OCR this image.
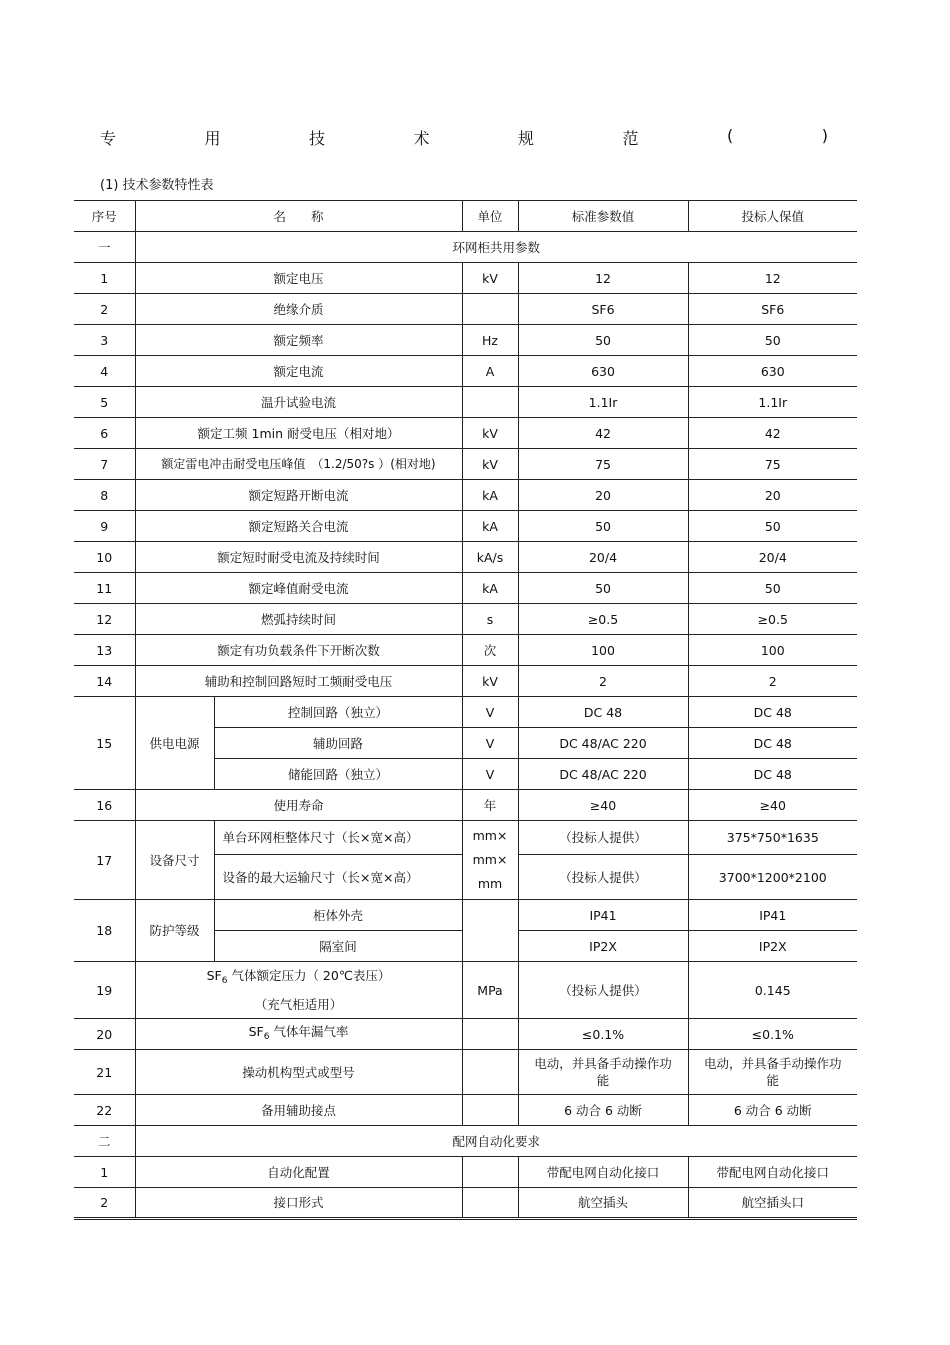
专	用	技	术	规	范	(	)
(1) 技术参数特性表
序号	名　　称		单位	标准参数值	投标人保值
一	环网柜共用参数				
1	额定电压		kV	12	12
2	绝缘介质			SF6	SF6
3	额定频率		Hz	50	50
4	额定电流		A	630	630
5	温升试验电流			1.1Ir	1.1Ir
6	额定工频 1min 耐受电压（相对地）		kV	42	42
7	额定雷电冲击耐受电压峰值　（1.2/50?s ）(相对地)		kV	75	75
8	额定短路开断电流		kA	20	20
9	额定短路关合电流		kA	50	50
10	额定短时耐受电流及持续时间		kA/s	20/4	20/4
11	额定峰值耐受电流		kA	50	50
12	燃弧持续时间		s	≥0.5	≥0.5
13	额定有功负载条件下开断次数		次	100	100
14	辅助和控制回路短时工频耐受电压		kV	2	2
15	供电电源	控制回路（独立）	V	DC 48	DC 48
		辅助回路	V	DC 48/AC 220	DC 48
		储能回路（独立）	V	DC 48/AC 220	DC 48
16	使用寿命		年	≥40	≥40
17	设备尺寸	单台环网柜整体尺寸（长×宽×高）	mm×
mm×
mm	（投标人提供）	375*750*1635
		设备的最大运输尺寸（长×宽×高）		（投标人提供）	3700*1200*2100
18	防护等级	柜体外壳		IP41	IP41
		隔室间		IP2X	IP2X
19	$SF_6$ 气体额定压力（ 20℃表压）
（充气柜适用）		MPa	（投标人提供）	0.145
20	$SF_6$ 气体年漏气率			≤0.1%	≤0.1%
21	操动机构型式或型号			电动，并具备手动操作功能	电动，并具备手动操作功能
22	备用辅助接点			6 动合 6 动断	6 动合 6 动断
二	配网自动化要求				
1	自动化配置			带配电网自动化接口	带配电网自动化接口
2	接口形式			航空插头	航空插头口
